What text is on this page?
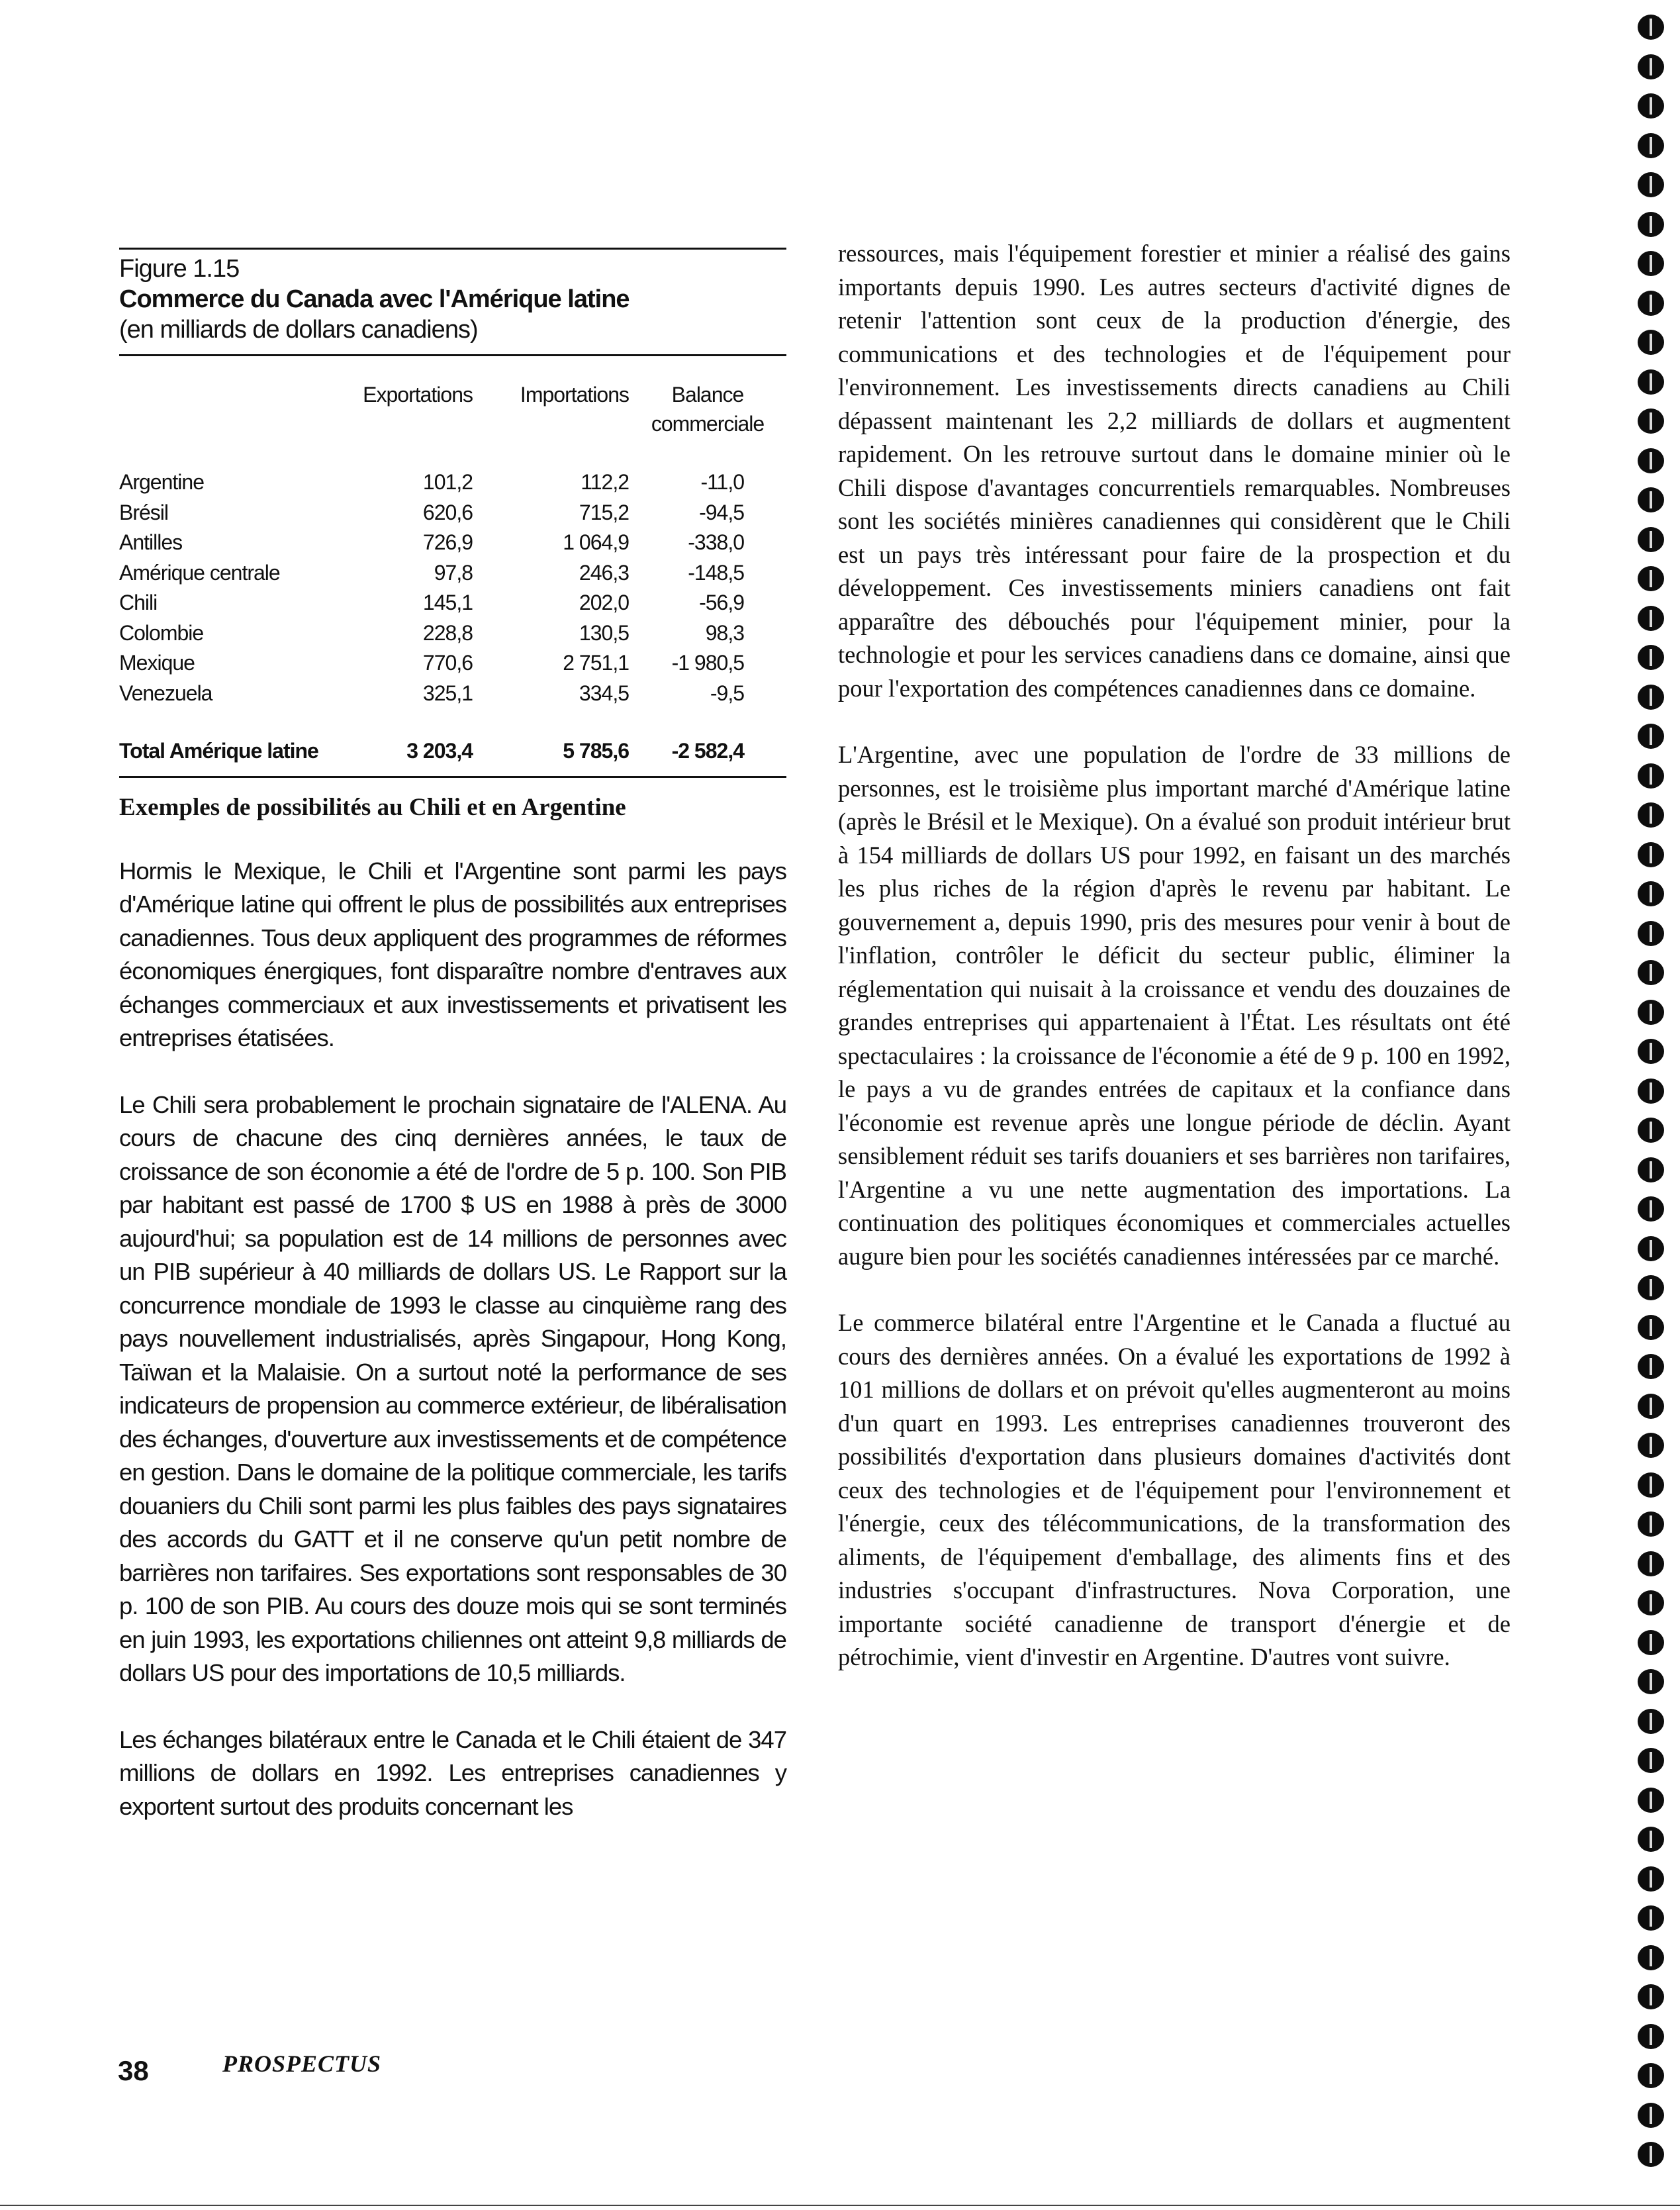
Figure 1.15
Commerce du Canada avec l'Amérique latine
(en milliards de dollars canadiens)
	Exportations	Importations	Balance commerciale
Argentine	101,2	112,2	-11,0
Brésil	620,6	715,2	-94,5
Antilles	726,9	1 064,9	-338,0
Amérique centrale	97,8	246,3	-148,5
Chili	145,1	202,0	-56,9
Colombie	228,8	130,5	98,3
Mexique	770,6	2 751,1	-1 980,5
Venezuela	325,1	334,5	-9,5
Total Amérique latine	3 203,4	5 785,6	-2 582,4
Exemples de possibilités au Chili et en Argentine

Hormis le Mexique, le Chili et l'Argentine sont parmi les pays d'Amérique latine qui offrent le plus de possibilités aux entreprises canadiennes. Tous deux appliquent des programmes de réformes économiques énergiques, font disparaître nombre d'entraves aux échanges commerciaux et aux investissements et privatisent les entreprises étatisées.

Le Chili sera probablement le prochain signataire de l'ALENA. Au cours de chacune des cinq dernières années, le taux de croissance de son économie a été de l'ordre de 5 p. 100. Son PIB par habitant est passé de 1700 $ US en 1988 à près de 3000 aujourd'hui; sa population est de 14 millions de personnes avec un PIB supérieur à 40 milliards de dollars US. Le Rapport sur la concurrence mondiale de 1993 le classe au cinquième rang des pays nouvellement industrialisés, après Singapour, Hong Kong, Taïwan et la Malaisie. On a surtout noté la performance de ses indicateurs de propension au commerce extérieur, de libéralisation des échanges, d'ouverture aux investissements et de compétence en gestion. Dans le domaine de la politique commerciale, les tarifs douaniers du Chili sont parmi les plus faibles des pays signataires des accords du GATT et il ne conserve qu'un petit nombre de barrières non tarifaires. Ses exportations sont responsables de 30 p. 100 de son PIB. Au cours des douze mois qui se sont terminés en juin 1993, les exportations chiliennes ont atteint 9,8 milliards de dollars US pour des importations de 10,5 milliards.

Les échanges bilatéraux entre le Canada et le Chili étaient de 347 millions de dollars en 1992. Les entreprises canadiennes y exportent surtout des produits concernant les

ressources, mais l'équipement forestier et minier a réalisé des gains importants depuis 1990. Les autres secteurs d'activité dignes de retenir l'attention sont ceux de la production d'énergie, des communications et des technologies et de l'équipement pour l'environnement. Les investissements directs canadiens au Chili dépassent maintenant les 2,2 milliards de dollars et augmentent rapidement. On les retrouve surtout dans le domaine minier où le Chili dispose d'avantages concurrentiels remarquables. Nombreuses sont les sociétés minières canadiennes qui considèrent que le Chili est un pays très intéressant pour faire de la prospection et du développement. Ces investissements miniers canadiens ont fait apparaître des débouchés pour l'équipement minier, pour la technologie et pour les services canadiens dans ce domaine, ainsi que pour l'exportation des compétences canadiennes dans ce domaine.

L'Argentine, avec une population de l'ordre de 33 millions de personnes, est le troisième plus important marché d'Amérique latine (après le Brésil et le Mexique). On a évalué son produit intérieur brut à 154 milliards de dollars US pour 1992, en faisant un des marchés les plus riches de la région d'après le revenu par habitant. Le gouvernement a, depuis 1990, pris des mesures pour venir à bout de l'inflation, contrôler le déficit du secteur public, éliminer la réglementation qui nuisait à la croissance et vendu des douzaines de grandes entreprises qui appartenaient à l'État. Les résultats ont été spectaculaires : la croissance de l'économie a été de 9 p. 100 en 1992, le pays a vu de grandes entrées de capitaux et la confiance dans l'économie est revenue après une longue période de déclin. Ayant sensiblement réduit ses tarifs douaniers et ses barrières non tarifaires, l'Argentine a vu une nette augmentation des importations. La continuation des politiques économiques et commerciales actuelles augure bien pour les sociétés canadiennes intéressées par ce marché.

Le commerce bilatéral entre l'Argentine et le Canada a fluctué au cours des dernières années. On a évalué les exportations de 1992 à 101 millions de dollars et on prévoit qu'elles augmenteront au moins d'un quart en 1993. Les entreprises canadiennes trouveront des possibilités d'exportation dans plusieurs domaines d'activités dont ceux des technologies et de l'équipement pour l'environnement et l'énergie, ceux des télécommunications, de la transformation des aliments, de l'équipement d'emballage, des aliments fins et des industries s'occupant d'infrastructures. Nova Corporation, une importante société canadienne de transport d'énergie et de pétrochimie, vient d'investir en Argentine. D'autres vont suivre.

38	PROSPECTUS
